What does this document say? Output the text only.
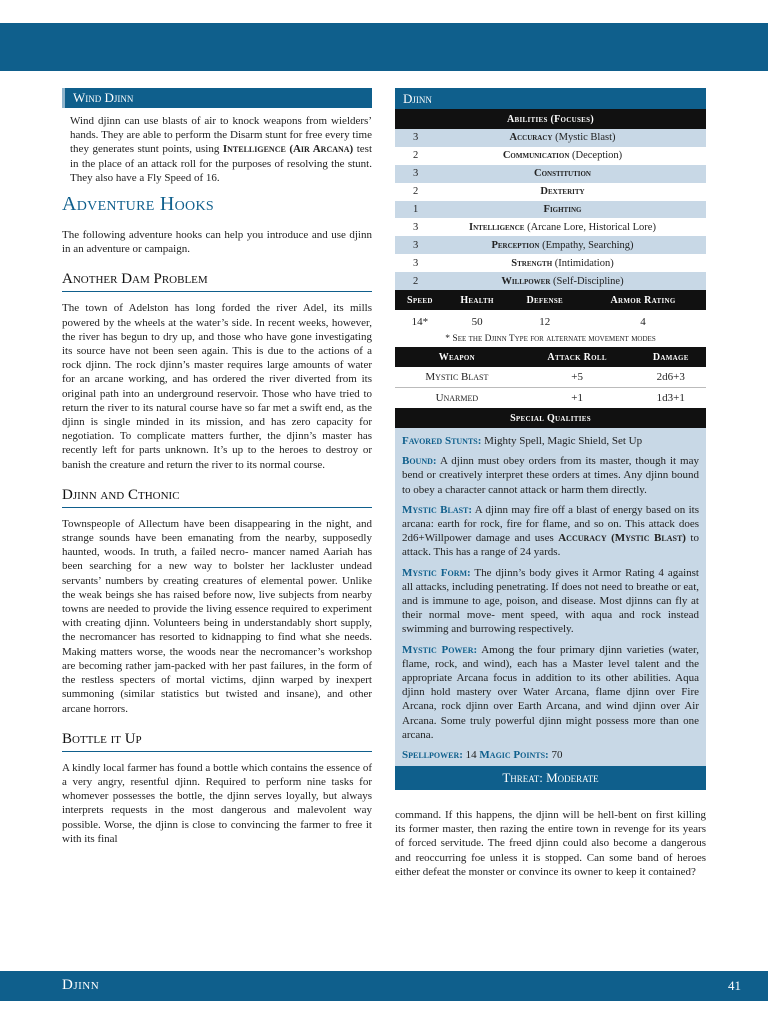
Wind Djinn

Wind djinn can use blasts of air to knock weapons from wielders’ hands. They are able to perform the Disarm stunt for free every time they generates stunt points, using Intelligence (Air Arcana) test in the place of an attack roll for the purposes of resolving the stunt. They also have a Fly Speed of 16.

Adventure Hooks

The following adventure hooks can help you introduce and use djinn in an adventure or campaign.

Another Dam Problem

The town of Adelston has long forded the river Adel, its mills powered by the wheels at the water’s side. In recent weeks, however, the river has begun to dry up, and those who have gone investigating its source have not been seen again. This is due to the actions of a rock djinn. The rock djinn’s master requires large amounts of water for an arcane working, and has ordered the river diverted from its original path into an underground reservoir. Those who have tried to return the river to its natural course have so far met a swift end, as the djinn is single minded in its mission, and has zero capacity for negotiation. To complicate matters further, the djinn’s master has recently left for parts unknown. It’s up to the heroes to destroy or banish the creature and return the river to its normal course.

Djinn and Cthonic

Townspeople of Allectum have been disappearing in the night, and strange sounds have been emanating from the nearby, supposedly haunted, woods. In truth, a failed necro- mancer named Aariah has been searching for a new way to bolster her lackluster undead servants’ numbers by creating creatures of elemental power. Unlike the weak beings she has raised before now, live subjects from nearby towns are needed to provide the living essence required to experiment with creating djinn. Volunteers being in understandably short supply, the necromancer has resorted to kidnapping to find what she needs. Making matters worse, the woods near the necromancer’s workshop are becoming rather jam-packed with her past failures, in the form of the restless specters of mortal victims, djinn warped by inexpert summoning (similar statistics but twisted and insane), and other arcane horrors.

Bottle it Up

A kindly local farmer has found a bottle which contains the essence of a very angry, resentful djinn. Required to perform nine tasks for whomever possesses the bottle, the djinn serves loyally, but always interprets requests in the most dangerous and malevolent way possible. Worse, the djinn is close to convincing the farmer to free it with its final

Djinn
Abilities (Focuses)	
3	Accuracy (Mystic Blast)
2	Communication (Deception)
3	Constitution
2	Dexterity
1	Fighting
3	Intelligence (Arcane Lore, Historical Lore)
3	Perception (Empathy, Searching)
3	Strength (Intimidation)
2	Willpower (Self-Discipline)
Speed	Health	Defense	Armor Rating
14*	50	12	4
* See the Djinn Type for alternate movement modes			
Weapon	Attack Roll	Damage
Mystic Blast	+5	2d6+3
Unarmed	+1	1d3+1
Special Qualities		

Favored Stunts: Mighty Spell, Magic Shield, Set Up

Bound: A djinn must obey orders from its master, though it may bend or creatively interpret these orders at times. Any djinn bound to obey a character cannot attack or harm them directly.

Mystic Blast: A djinn may fire off a blast of energy based on its arcana: earth for rock, fire for flame, and so on. This attack does 2d6+Willpower damage and uses Accuracy (Mystic Blast) to attack. This has a range of 24 yards.

Mystic Form: The djinn’s body gives it Armor Rating 4 against all attacks, including penetrating. If does not need to breathe or eat, and is immune to age, poison, and disease. Most djinns can fly at their normal move- ment speed, with aqua and rock instead swimming and burrowing respectively.

Mystic Power: Among the four primary djinn varieties (water, flame, rock, and wind), each has a Master level talent and the appropriate Arcana focus in addition to its other abilities. Aqua djinn hold mastery over Water Arcana, flame djinn over Fire Arcana, rock djinn over Earth Arcana, and wind djinn over Air Arcana. Some truly powerful djinn might possess more than one arcana.

Spellpower: 14 Magic Points: 70

Threat: Moderate

command. If this happens, the djinn will be hell-bent on first killing its former master, then razing the entire town in revenge for its years of forced servitude. The freed djinn could also become a dangerous and reoccurring foe unless it is stopped. Can some band of heroes either defeat the monster or convince its owner to keep it contained?

Djinn	41
